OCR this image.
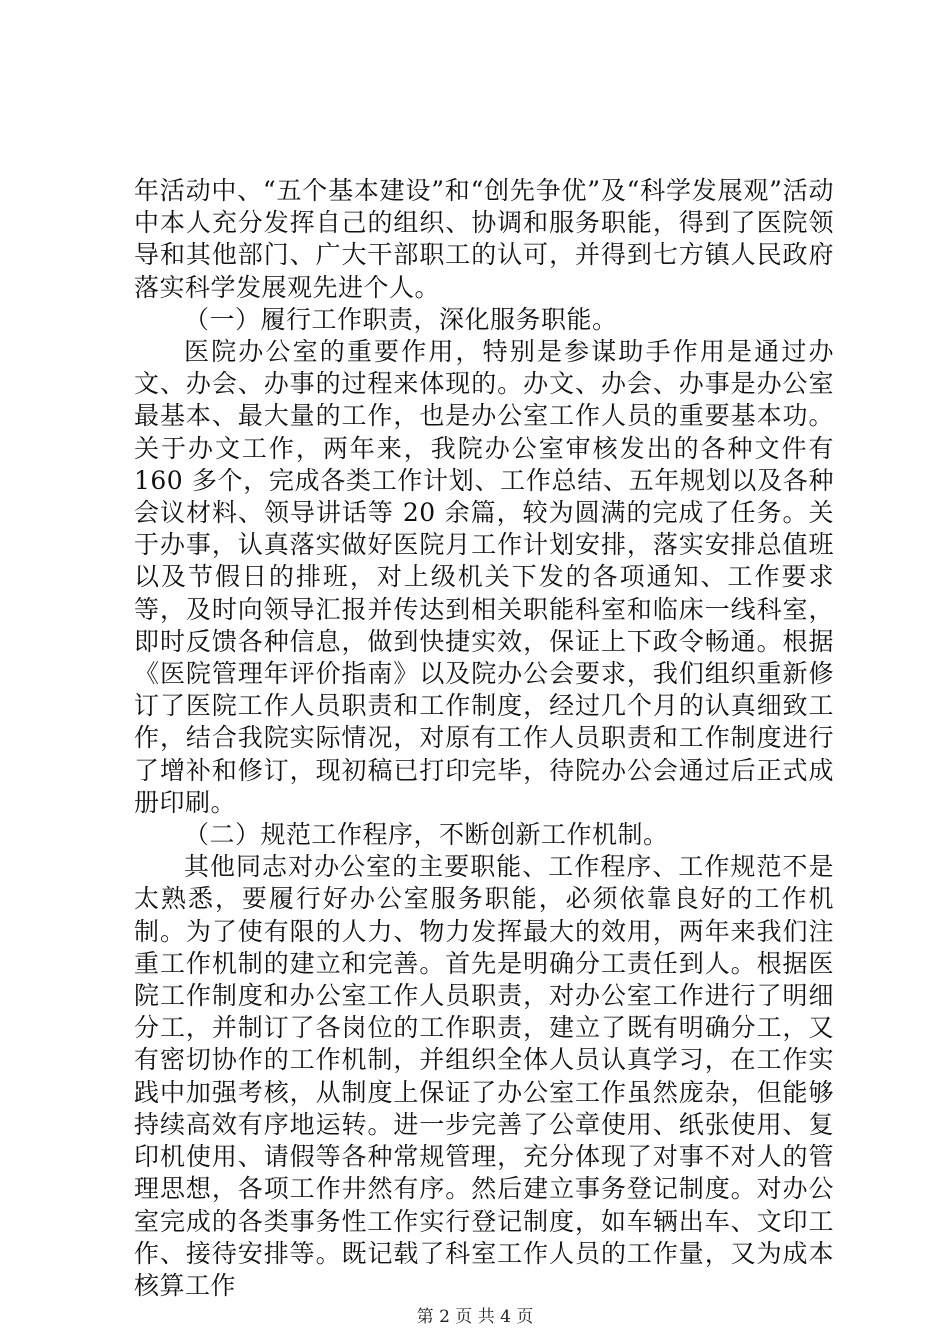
年活动中、“五个基本建设”和“创先争优”及“科学发展观”活动中本人充分发挥自己的组织、协调和服务职能，得到了医院领导和其他部门、广大干部职工的认可，并得到七方镇人民政府落实科学发展观先进个人。

（一）履行工作职责，深化服务职能。

医院办公室的重要作用，特别是参谋助手作用是通过办文、办会、办事的过程来体现的。办文、办会、办事是办公室最基本、最大量的工作，也是办公室工作人员的重要基本功。关于办文工作，两年来，我院办公室审核发出的各种文件有 160 多个，完成各类工作计划、工作总结、五年规划以及各种会议材料、领导讲话等 20 余篇，较为圆满的完成了任务。关于办事，认真落实做好医院月工作计划安排，落实安排总值班以及节假日的排班，对上级机关下发的各项通知、工作要求等，及时向领导汇报并传达到相关职能科室和临床一线科室，即时反馈各种信息，做到快捷实效，保证上下政令畅通。根据《医院管理年评价指南》以及院办公会要求，我们组织重新修订了医院工作人员职责和工作制度，经过几个月的认真细致工作，结合我院实际情况，对原有工作人员职责和工作制度进行了增补和修订，现初稿已打印完毕，待院办公会通过后正式成册印刷。

（二）规范工作程序，不断创新工作机制。

其他同志对办公室的主要职能、工作程序、工作规范不是太熟悉，要履行好办公室服务职能，必须依靠良好的工作机制。为了使有限的人力、物力发挥最大的效用，两年来我们注重工作机制的建立和完善。首先是明确分工责任到人。根据医院工作制度和办公室工作人员职责，对办公室工作进行了明细分工，并制订了各岗位的工作职责，建立了既有明确分工，又有密切协作的工作机制，并组织全体人员认真学习，在工作实践中加强考核，从制度上保证了办公室工作虽然庞杂，但能够持续高效有序地运转。进一步完善了公章使用、纸张使用、复印机使用、请假等各种常规管理，充分体现了对事不对人的管理思想，各项工作井然有序。然后建立事务登记制度。对办公室完成的各类事务性工作实行登记制度，如车辆出车、文印工作、接待安排等。既记载了科室工作人员的工作量，又为成本核算工作

第 2 页 共 4 页
